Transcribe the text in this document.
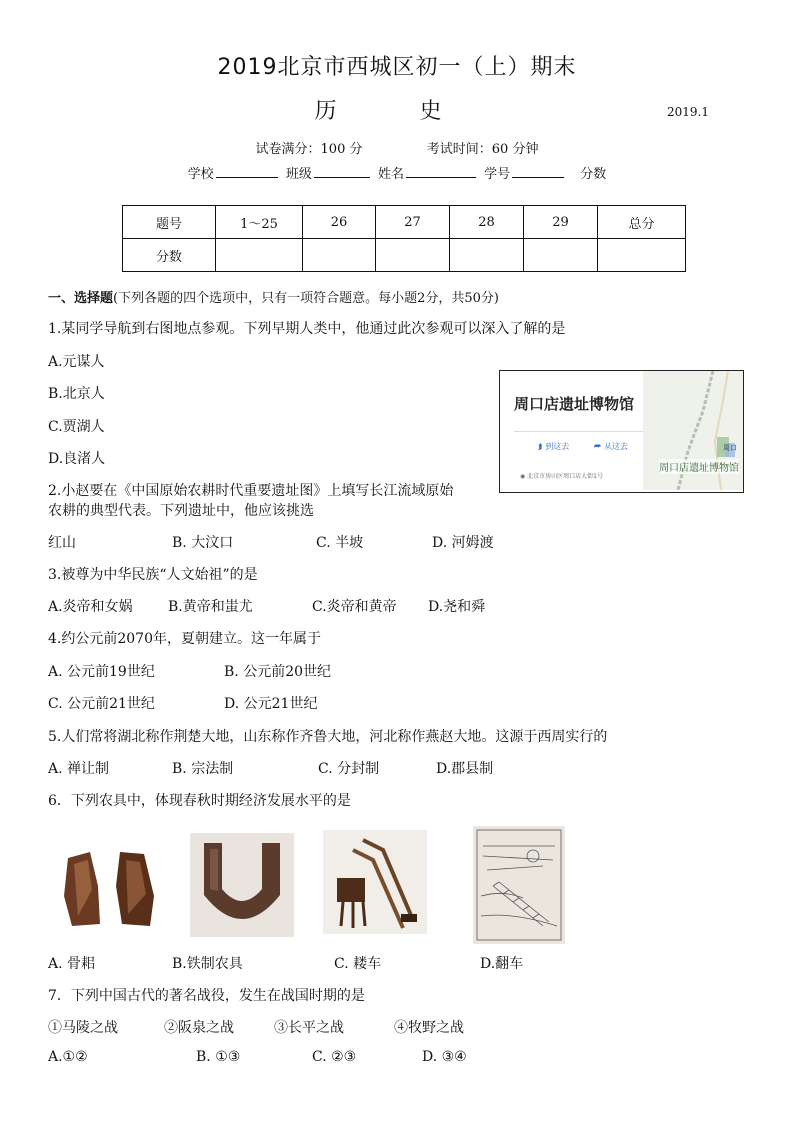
2019北京市西城区初一（上）期末
历 史	2019.1
试卷满分：100 分	考试时间：60 分钟
学校	班级	姓名	学号	分数
题号	1～25	26	27	28	29	总分
分数						
一、选择题(下列各题的四个选项中，只有一项符合题意。每小题2分，共50分)
1.某同学导航到右图地点参观。下列早期人类中，他通过此次参观可以深入了解的是
A.元谋人
B.北京人
C.贾湖人
D.良渚人
周口店遗址博物馆
⮭ 到这去	⮫ 从这去
◉ 北京市房山区周口店大街1号
周口
周口店遗址博物馆
2.小赵要在《中国原始农耕时代重要遗址图》上填写长江流域原始
农耕的典型代表。下列遗址中，他应该挑选
红山	B. 大汶口	C. 半坡	D. 河姆渡
3.被尊为中华民族“人文始祖”的是
A.炎帝和女娲	B.黄帝和蚩尤	C.炎帝和黄帝 D.尧和舜
4.约公元前2070年，夏朝建立。这一年属于
A. 公元前19世纪	B. 公元前20世纪
C. 公元前21世纪	D. 公元21世纪
5.人们常将湖北称作荆楚大地，山东称作齐鲁大地，河北称作燕赵大地。这源于西周实行的
A. 禅让制	B. 宗法制	C. 分封制	D.郡县制
6．下列农具中，体现春秋时期经济发展水平的是
A. 骨耜	B.铁制农具	C. 耧车	D.翻车
7．下列中国古代的著名战役，发生在战国时期的是
①马陵之战	②阪泉之战	③长平之战	④牧野之战
A.①②	B. ①③	C. ②③	D. ③④
